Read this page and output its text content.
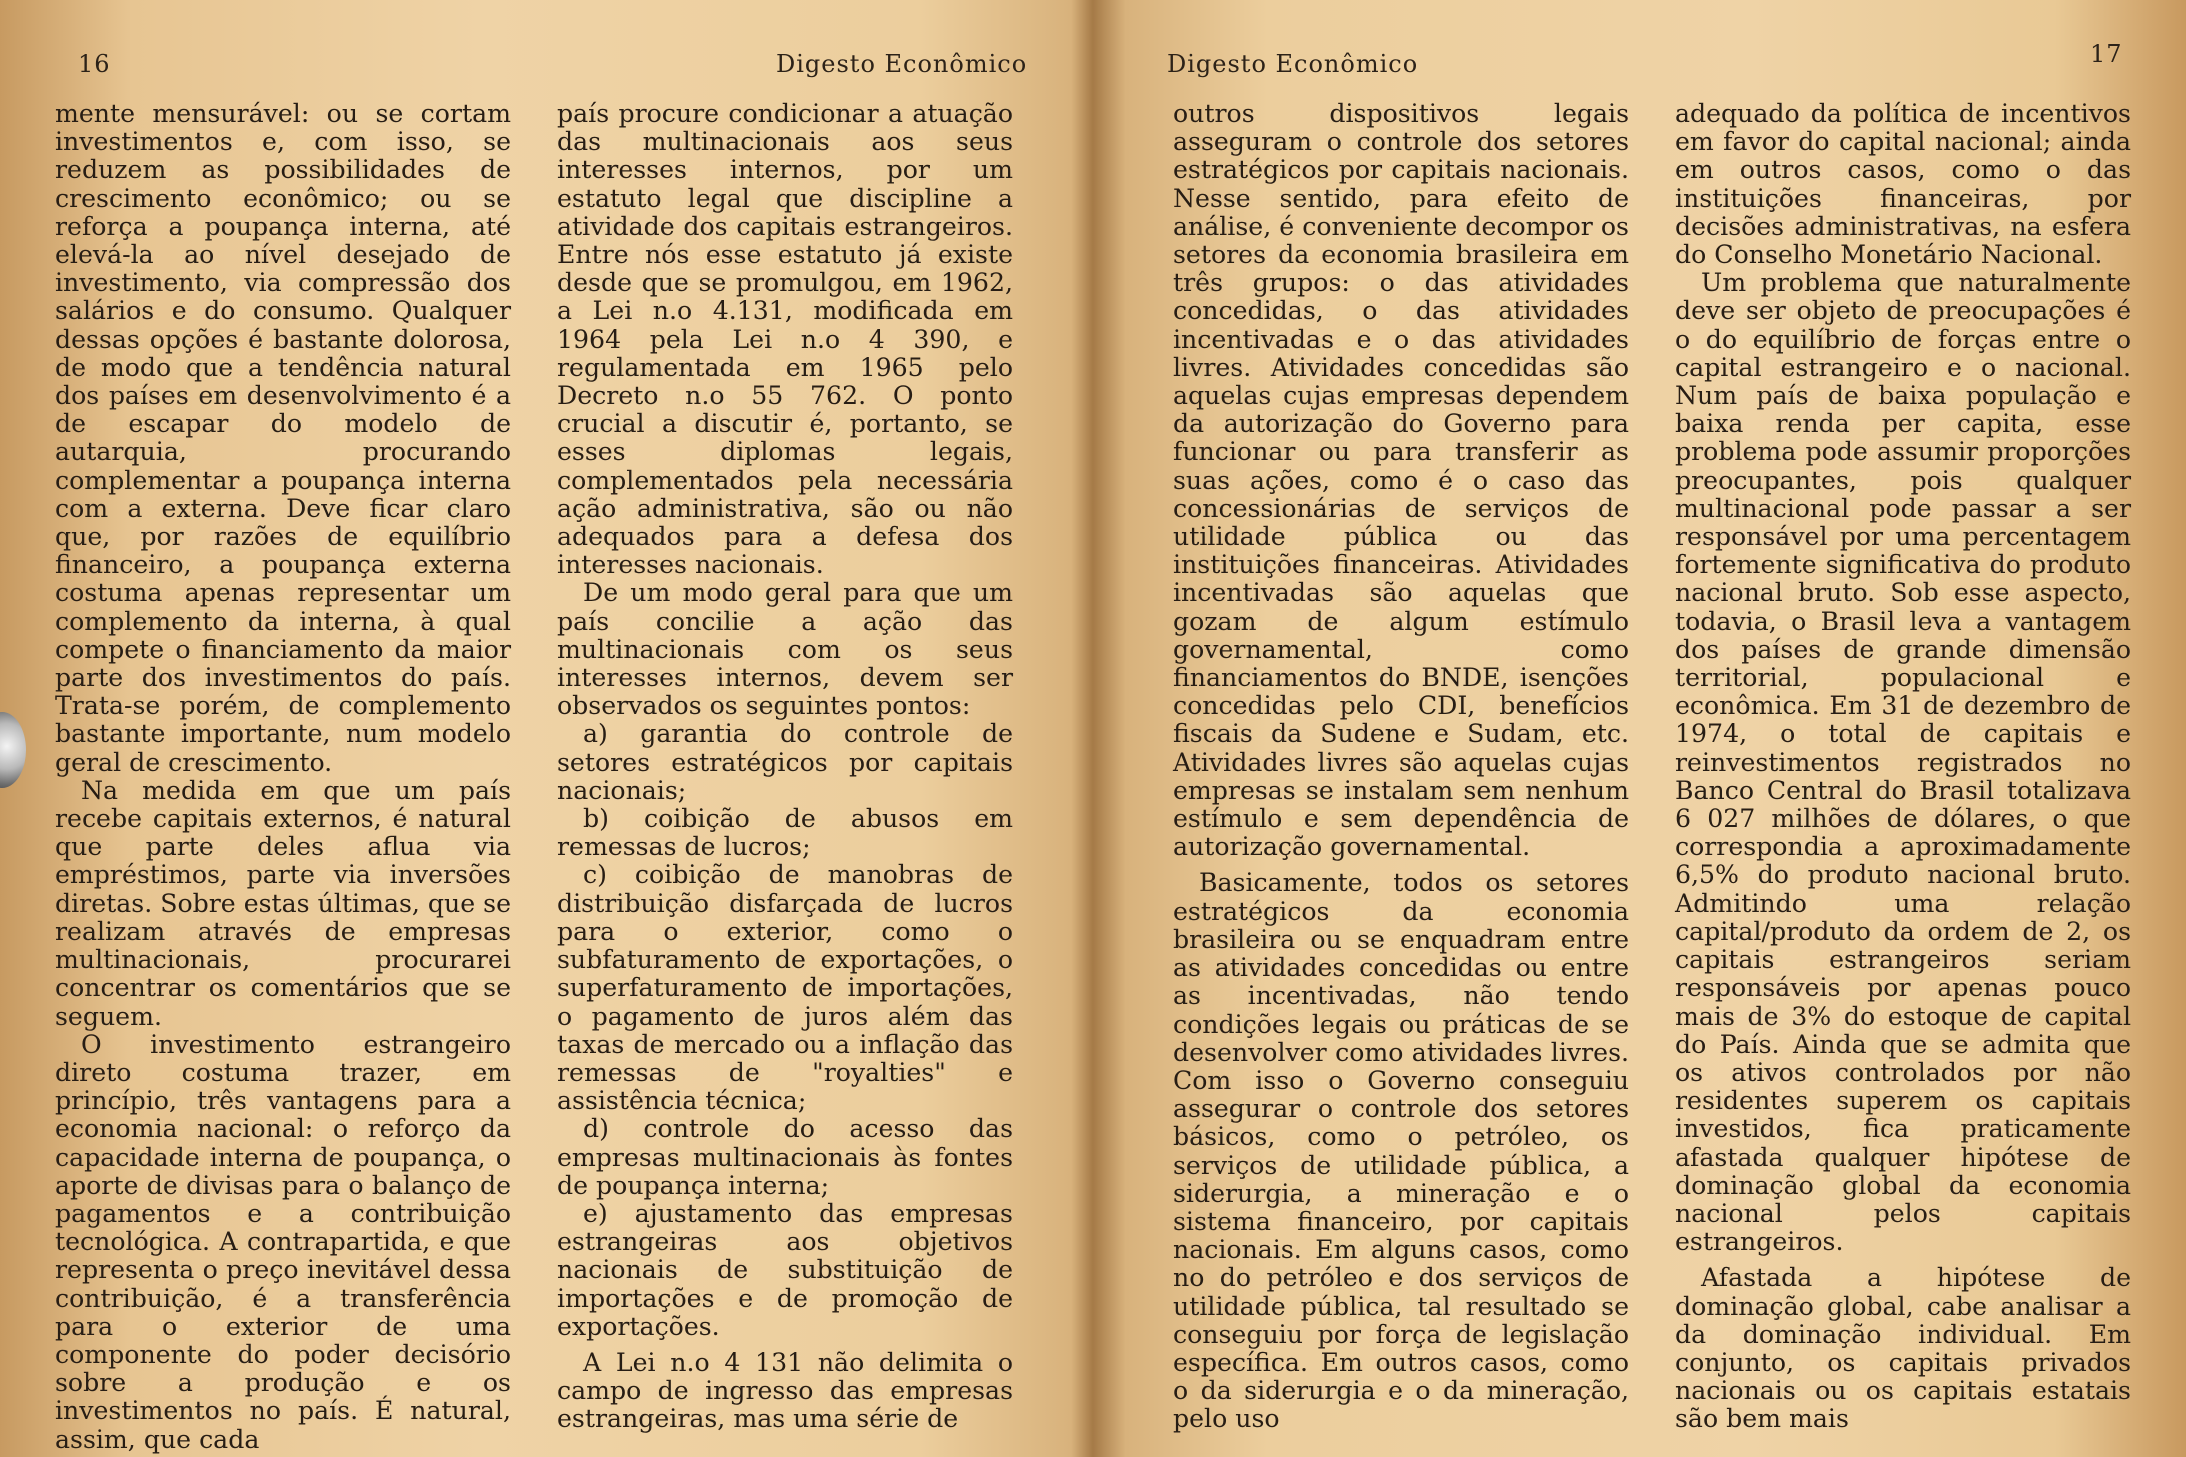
16	Digesto Econômico

mente mensurável: ou se cortam investimentos e, com isso, se reduzem as possibilidades de crescimento econômico; ou se reforça a poupança interna, até elevá-la ao nível desejado de investimento, via compressão dos salários e do consumo. Qualquer dessas opções é bastante dolorosa, de modo que a tendência natural dos países em desenvolvimento é a de escapar do modelo de autarquia, procurando complementar a poupança interna com a externa. Deve ficar claro que, por razões de equilíbrio financeiro, a poupança externa costuma apenas representar um complemento da interna, à qual compete o financiamento da maior parte dos investimentos do país. Trata-se porém, de complemento bastante importante, num modelo geral de crescimento.

Na medida em que um país recebe capitais externos, é natural que parte deles aflua via empréstimos, parte via inversões diretas. Sobre estas últimas, que se realizam através de empresas multinacionais, procurarei concentrar os comentários que se seguem.

O investimento estrangeiro direto costuma trazer, em princípio, três vantagens para a economia nacional: o reforço da capacidade interna de poupança, o aporte de divisas para o balanço de pagamentos e a contribuição tecnológica. A contrapartida, e que representa o preço inevitável dessa contribuição, é a transferência para o exterior de uma componente do poder decisório sobre a produção e os investimentos no país. É natural, assim, que cada

país procure condicionar a atuação das multinacionais aos seus interesses internos, por um estatuto legal que discipline a atividade dos capitais estrangeiros. Entre nós esse estatuto já existe desde que se promulgou, em 1962, a Lei n.o 4.131, modificada em 1964 pela Lei n.o 4 390, e regulamentada em 1965 pelo Decreto n.o 55 762. O ponto crucial a discutir é, portanto, se esses diplomas legais, complementados pela necessária ação administrativa, são ou não adequados para a defesa dos interesses nacionais.

De um modo geral para que um país concilie a ação das multinacionais com os seus interesses internos, devem ser observados os seguintes pontos:

a) garantia do controle de setores estratégicos por capitais nacionais;

b) coibição de abusos em remessas de lucros;

c) coibição de manobras de distribuição disfarçada de lucros para o exterior, como o subfaturamento de exportações, o superfaturamento de importações, o pagamento de juros além das taxas de mercado ou a inflação das remessas de "royalties" e assistência técnica;

d) controle do acesso das empresas multinacionais às fontes de poupança interna;

e) ajustamento das empresas estrangeiras aos objetivos nacionais de substituição de importações e de promoção de exportações.

A Lei n.o 4 131 não delimita o campo de ingresso das empresas estrangeiras, mas uma série de

Digesto Econômico	17

outros dispositivos legais asseguram o controle dos setores estratégicos por capitais nacionais. Nesse sentido, para efeito de análise, é conveniente decompor os setores da economia brasileira em três grupos: o das atividades concedidas, o das atividades incentivadas e o das atividades livres. Atividades concedidas são aquelas cujas empresas dependem da autorização do Governo para funcionar ou para transferir as suas ações, como é o caso das concessionárias de serviços de utilidade pública ou das instituições financeiras. Atividades incentivadas são aquelas que gozam de algum estímulo governamental, como financiamentos do BNDE, isenções concedidas pelo CDI, benefícios fiscais da Sudene e Sudam, etc. Atividades livres são aquelas cujas empresas se instalam sem nenhum estímulo e sem dependência de autorização governamental.

Basicamente, todos os setores estratégicos da economia brasileira ou se enquadram entre as atividades concedidas ou entre as incentivadas, não tendo condições legais ou práticas de se desenvolver como atividades livres. Com isso o Governo conseguiu assegurar o controle dos setores básicos, como o petróleo, os serviços de utilidade pública, a siderurgia, a mineração e o sistema financeiro, por capitais nacionais. Em alguns casos, como no do petróleo e dos serviços de utilidade pública, tal resultado se conseguiu por força de legislação específica. Em outros casos, como o da siderurgia e o da mineração, pelo uso

adequado da política de incentivos em favor do capital nacional; ainda em outros casos, como o das instituições financeiras, por decisões administrativas, na esfera do Conselho Monetário Nacional.

Um problema que naturalmente deve ser objeto de preocupações é o do equilíbrio de forças entre o capital estrangeiro e o nacional. Num país de baixa população e baixa renda per capita, esse problema pode assumir proporções preocupantes, pois qualquer multinacional pode passar a ser responsável por uma percentagem fortemente significativa do produto nacional bruto. Sob esse aspecto, todavia, o Brasil leva a vantagem dos países de grande dimensão territorial, populacional e econômica. Em 31 de dezembro de 1974, o total de capitais e reinvestimentos registrados no Banco Central do Brasil totalizava 6 027 milhões de dólares, o que correspondia a aproximadamente 6,5% do produto nacional bruto. Admitindo uma relação capital/produto da ordem de 2, os capitais estrangeiros seriam responsáveis por apenas pouco mais de 3% do estoque de capital do País. Ainda que se admita que os ativos controlados por não residentes superem os capitais investidos, fica praticamente afastada qualquer hipótese de dominação global da economia nacional pelos capitais estrangeiros.

Afastada a hipótese de dominação global, cabe analisar a da dominação individual. Em conjunto, os capitais privados nacionais ou os capitais estatais são bem mais
